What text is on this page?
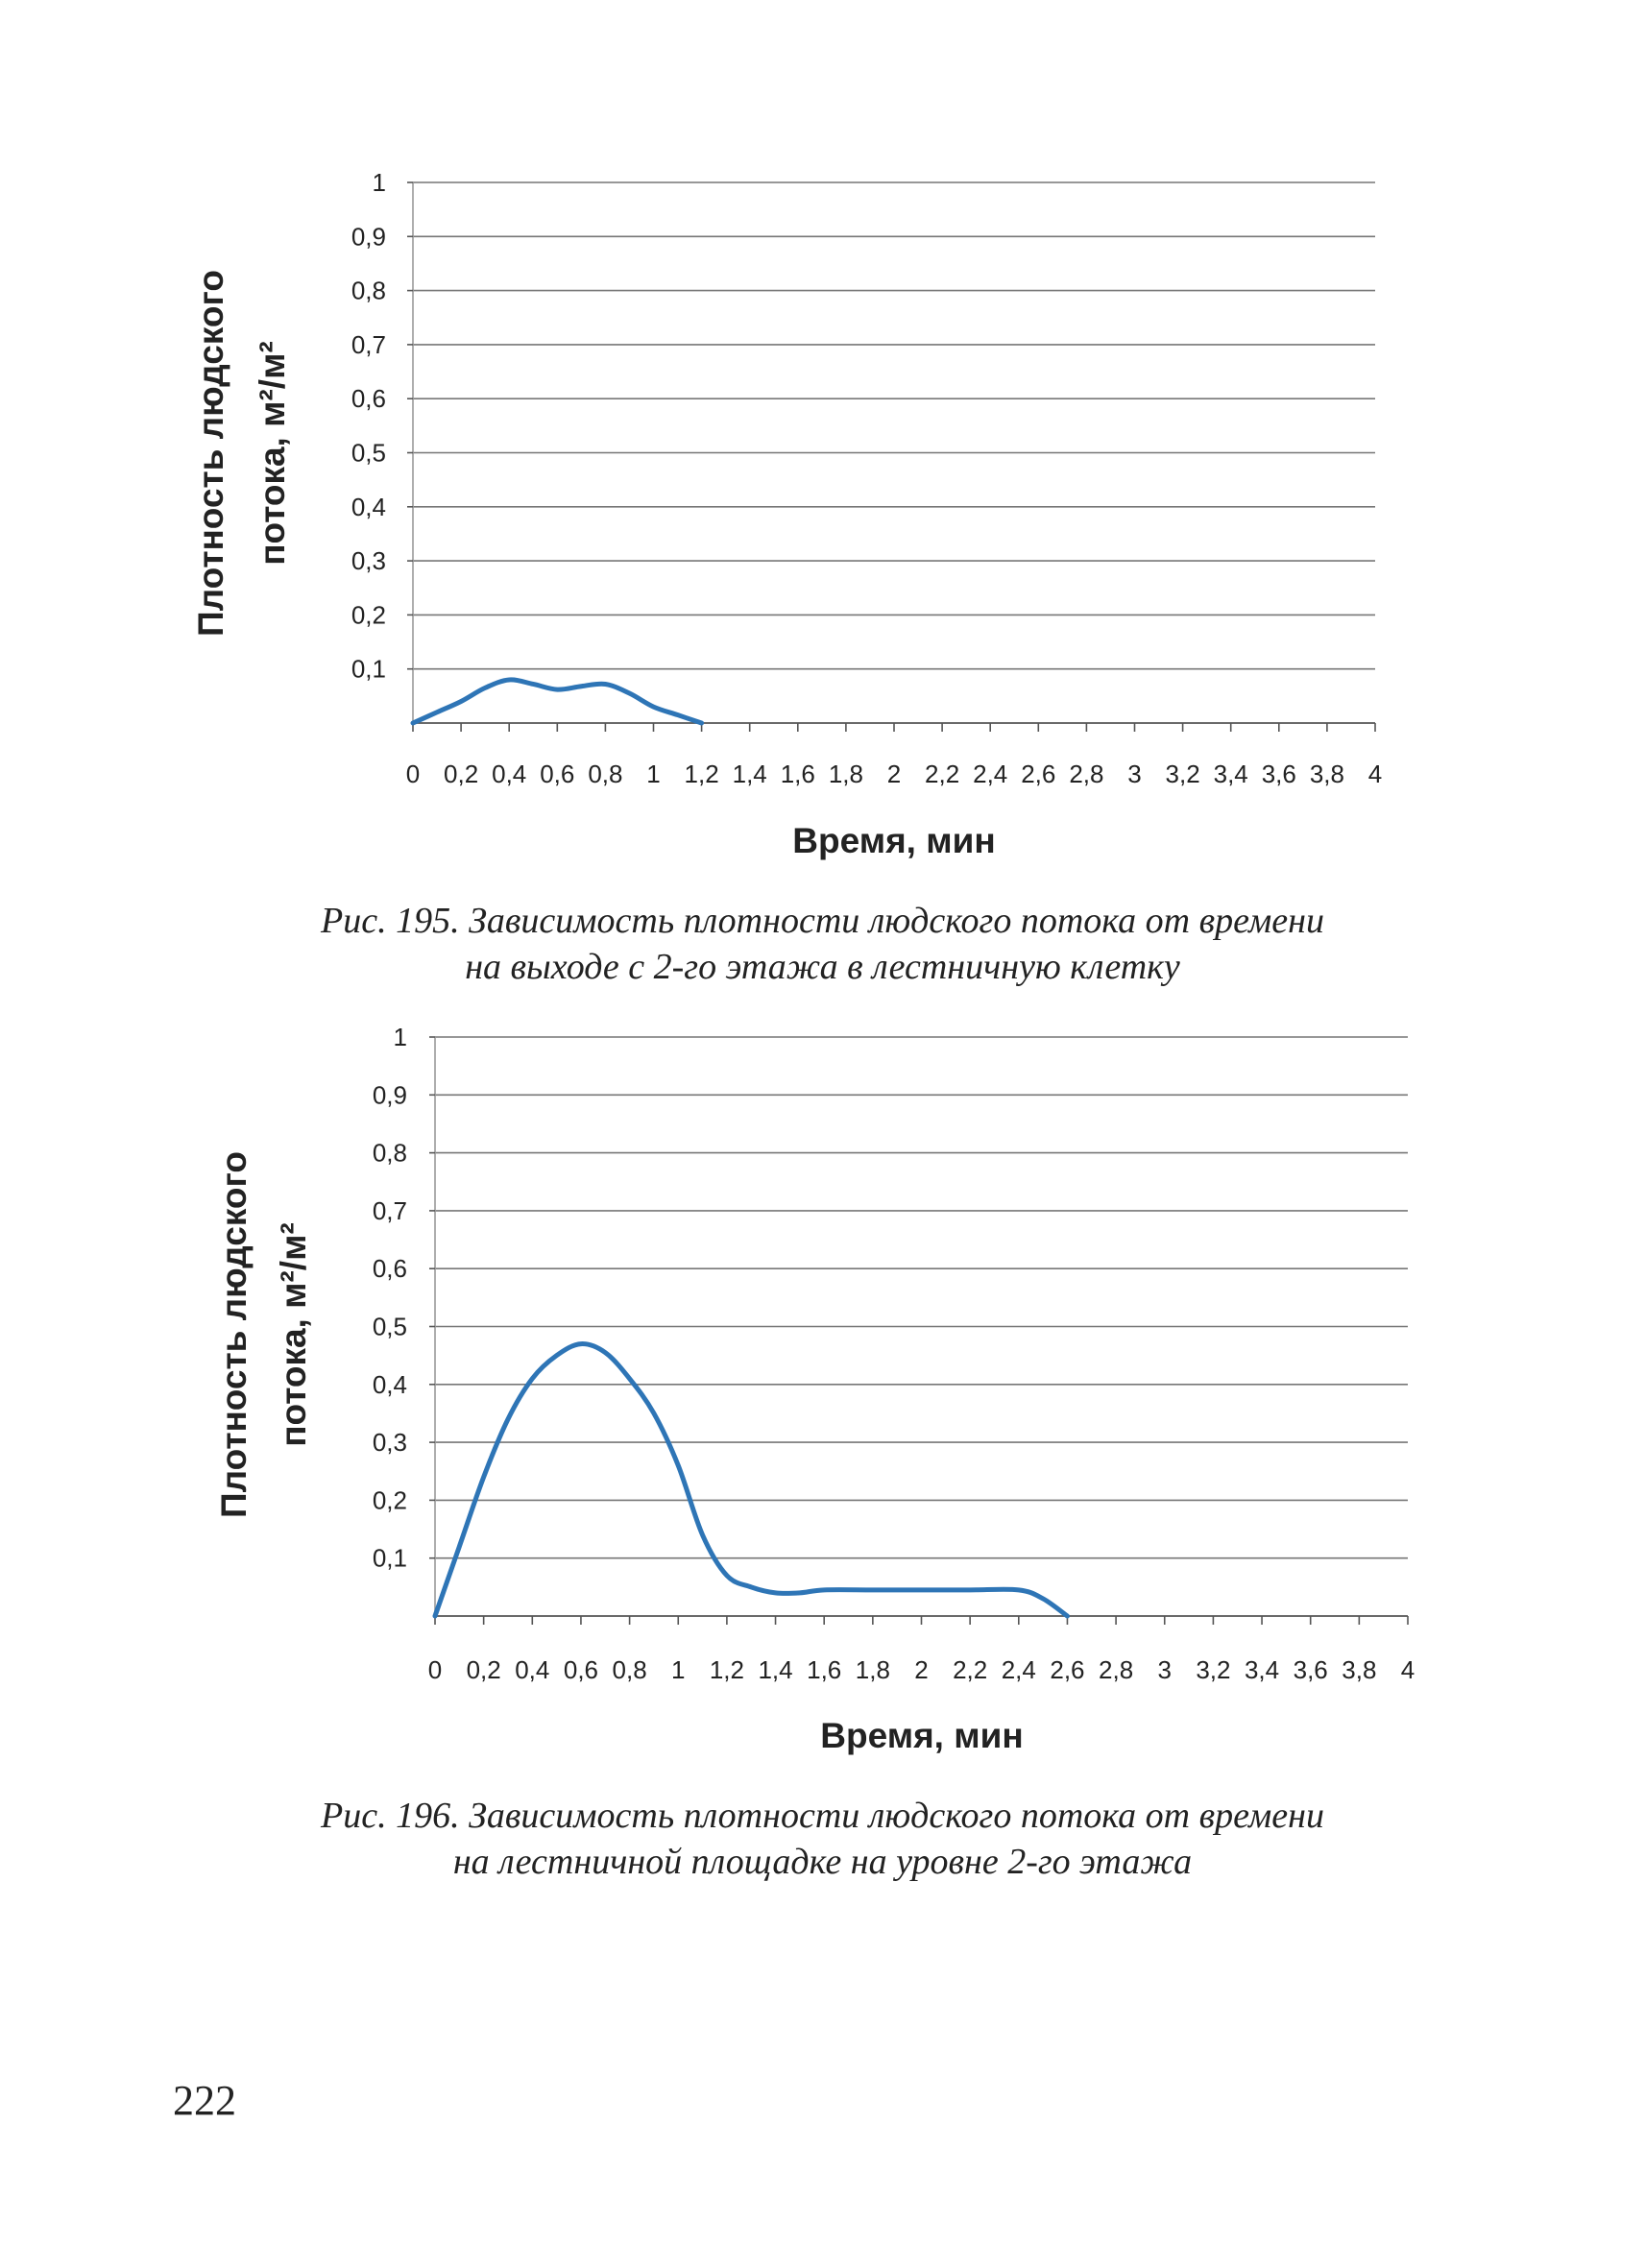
0,1
0,2
0,3
0,4
0,5
0,6
0,7
0,8
0,9
1
0 0,2 0,4 0,6 0,8 1 1,2 1,4 1,6 1,8 2 2,2 2,4 2,6 2,8 3 3,2 3,4 3,6 3,8 4
Время, мин
Плотность людского потока, м²/м²
Рис. 195. Зависимость плотности людского потока от времени
на выходе с 2-го этажа в лестничную клетку
0,1
0,2
0,3
0,4
0,5
0,6
0,7
0,8
0,9
1
0 0,2 0,4 0,6 0,8 1 1,2 1,4 1,6 1,8 2 2,2 2,4 2,6 2,8 3 3,2 3,4 3,6 3,8 4
Время, мин
Плотность людского потока, м²/м²
Рис. 196. Зависимость плотности людского потока от времени
на лестничной площадке на уровне 2-го этажа
222
